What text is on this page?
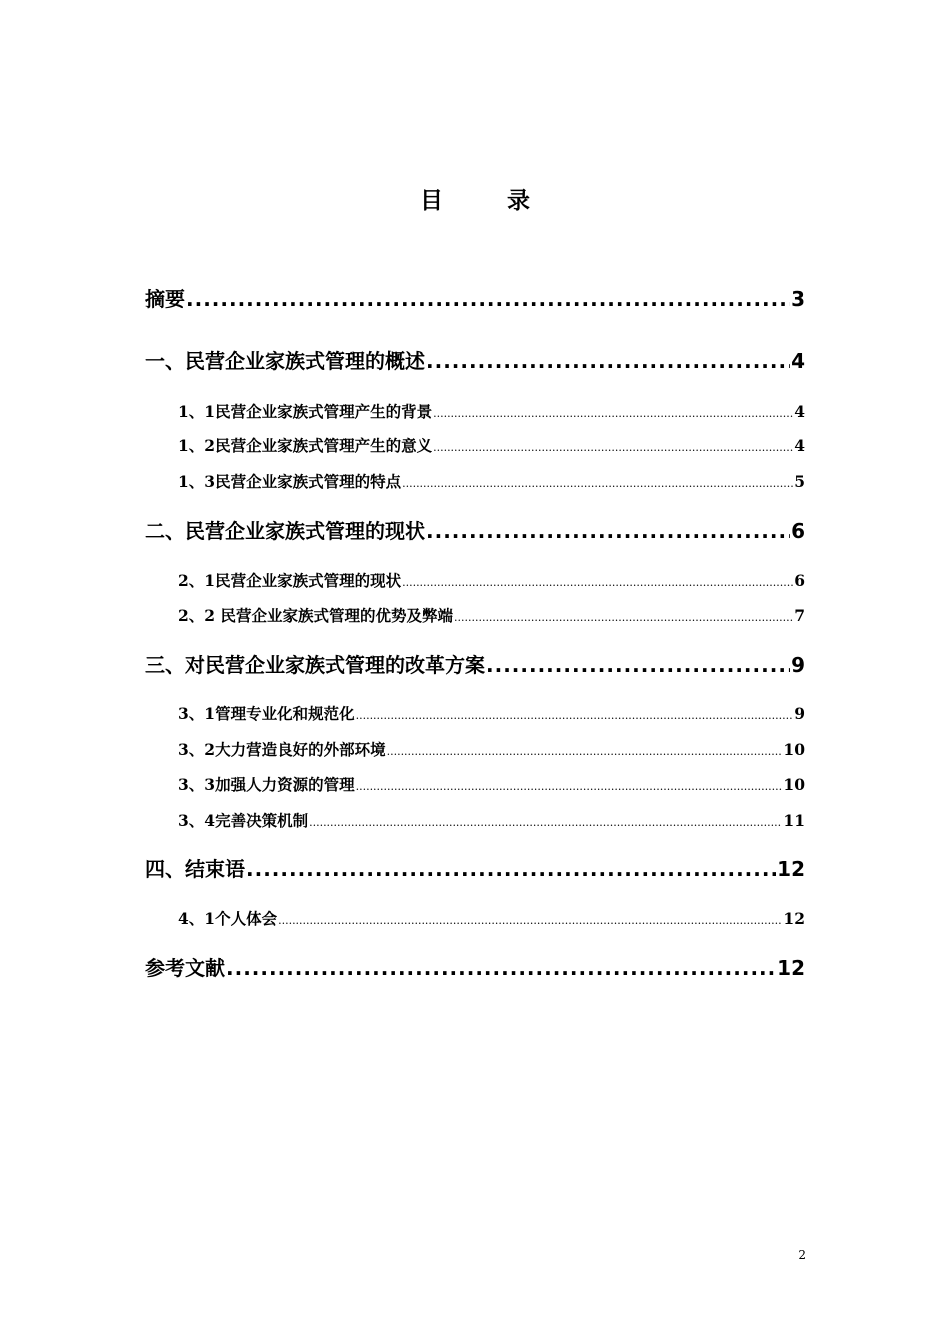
目 录
摘要 .....	3
一、民营企业家族式管理的概述 .....	4
1、1民营企业家族式管理产生的背景 .....	4
1、2民营企业家族式管理产生的意义 .....	4
1、3民营企业家族式管理的特点 .....	5
二、民营企业家族式管理的现状 .....	6
2、1民营企业家族式管理的现状 .....	6
2、2 民营企业家族式管理的优势及弊端 .....	7
三、对民营企业家族式管理的改革方案 .....	9
3、1管理专业化和规范化 .....	9
3、2大力营造良好的外部环境 .....	10
3、3加强人力资源的管理 .....	10
3、4完善决策机制 .....	11
四、结束语 .....	12
4、1个人体会 .....	12
参考文献 .....	12
2
